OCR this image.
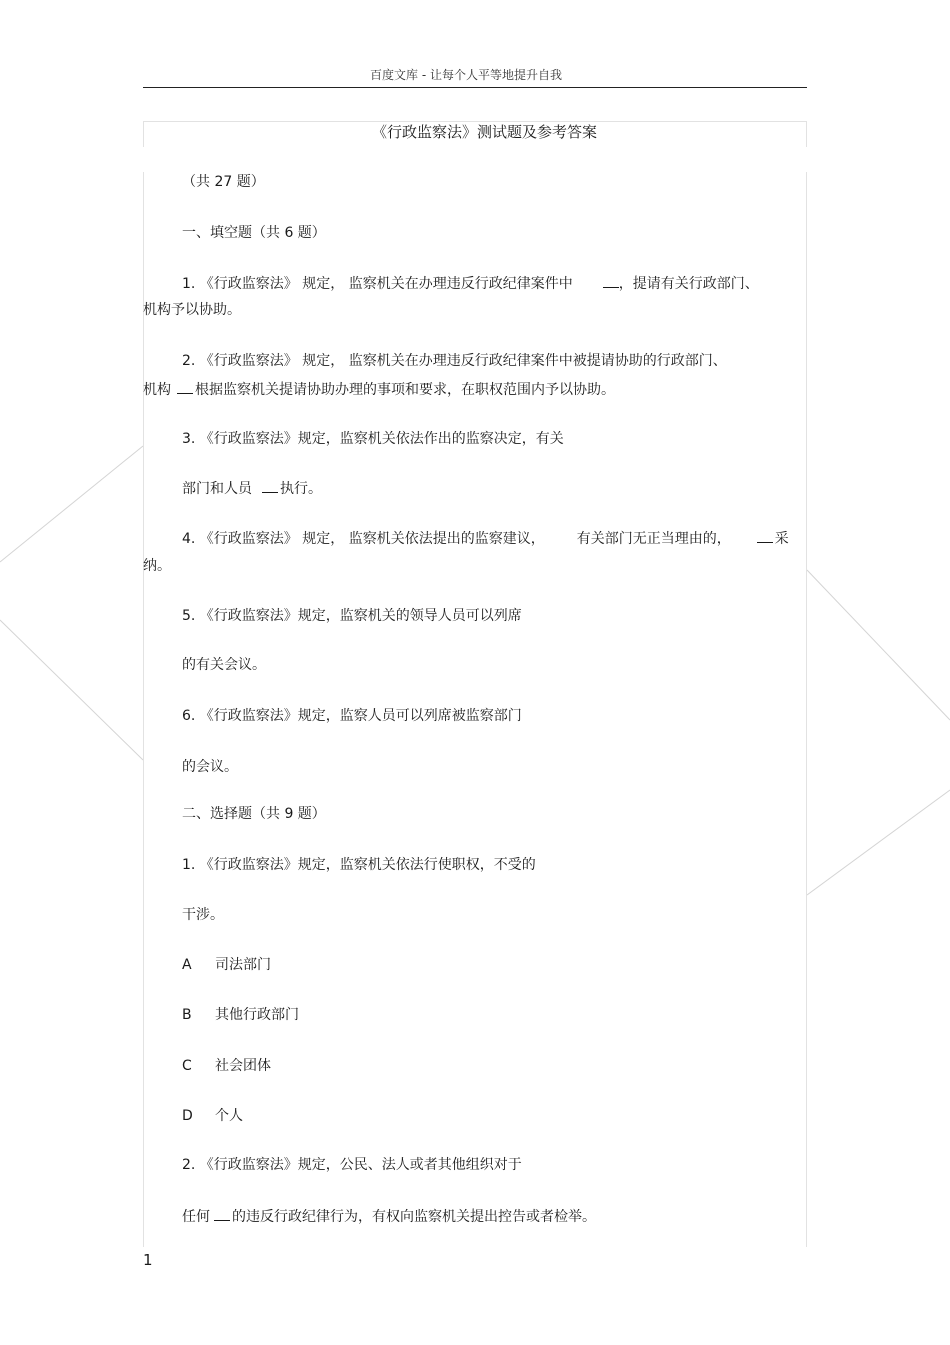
百度文库 - 让每个人平等地提升自我
《行政监察法》测试题及参考答案
（共 27 题）
一、填空题（共 6 题）
1. 《行政监察法》 规定， 监察机关在办理违反行政纪律案件中	，提请有关行政部门、
机构予以协助。
2. 《行政监察法》 规定， 监察机关在办理违反行政纪律案件中被提请协助的行政部门、
机构 根据监察机关提请协助办理的事项和要求，在职权范围内予以协助。
3. 《行政监察法》规定，监察机关依法作出的监察决定，有关
部门和人员 执行。
4. 《行政监察法》 规定， 监察机关依法提出的监察建议， 有关部门无正当理由的，	采
纳。
5. 《行政监察法》规定，监察机关的领导人员可以列席
的有关会议。
6. 《行政监察法》规定，监察人员可以列席被监察部门
的会议。
二、选择题（共 9 题）
1. 《行政监察法》规定，监察机关依法行使职权，不受的
干涉。
A 司法部门
B 其他行政部门
C 社会团体
D 个人
2. 《行政监察法》规定，公民、法人或者其他组织对于
任何 的违反行政纪律行为，有权向监察机关提出控告或者检举。
1
